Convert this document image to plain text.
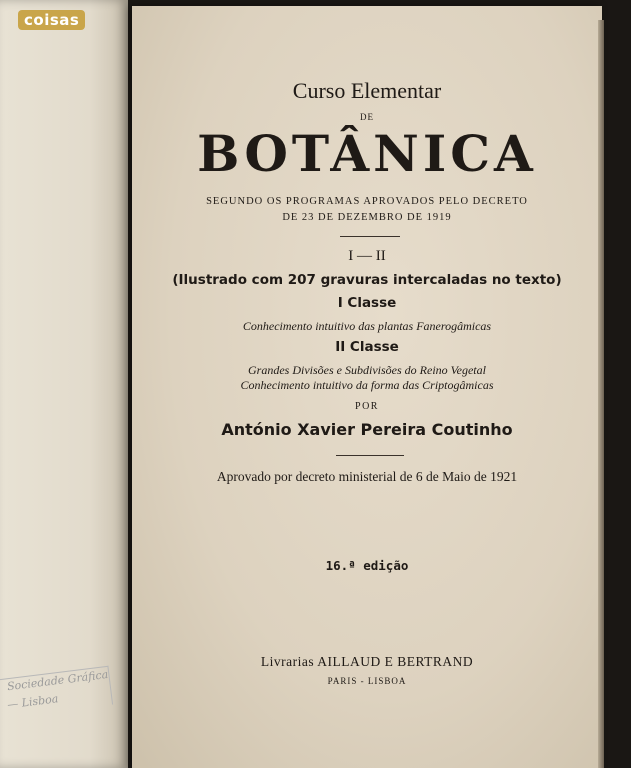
coisas
Sociedade Gráfica
— Lisboa
Curso Elementar
DE
BOTÂNICA
SEGUNDO OS PROGRAMAS APROVADOS PELO DECRETO
DE 23 DE DEZEMBRO DE 1919
I — II
(Ilustrado com 207 gravuras intercaladas no texto)
I Classe
Conhecimento intuitivo das plantas Fanerogâmicas
II Classe
Grandes Divisões e Subdivisões do Reino Vegetal
Conhecimento intuitivo da forma das Criptogâmicas
POR
António Xavier Pereira Coutinho
Aprovado por decreto ministerial de 6 de Maio de 1921
16.ª edição
Livrarias AILLAUD E BERTRAND
PARIS - LISBOA
